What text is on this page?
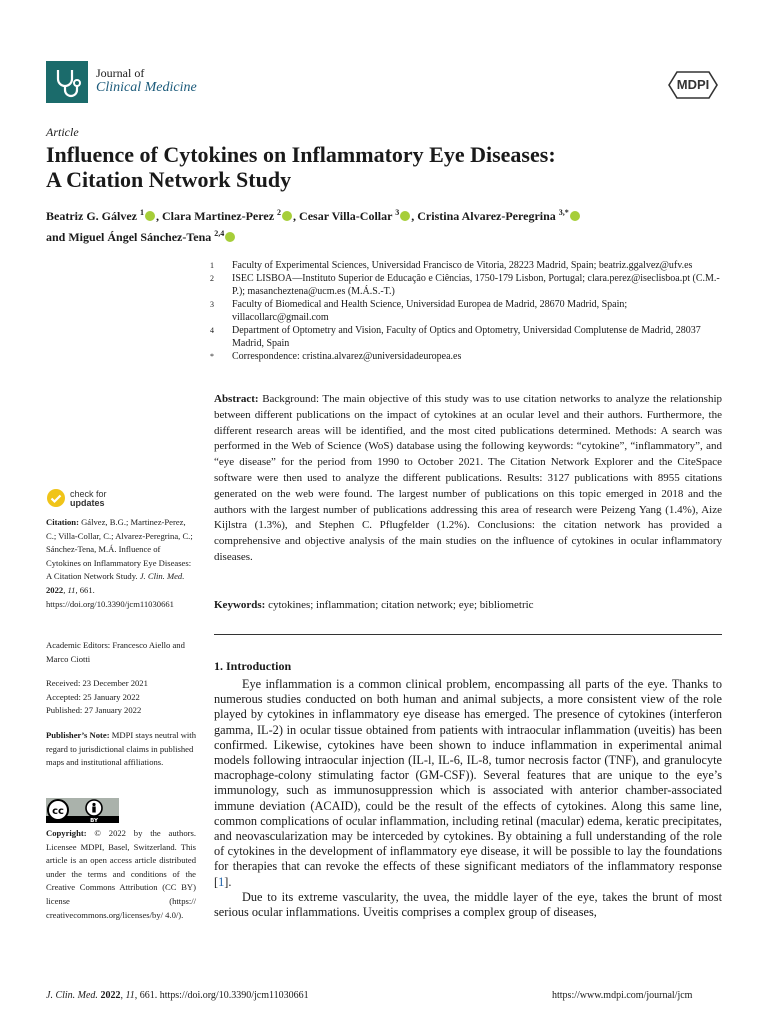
Journal of
Clinical Medicine	MDPI
Article
Influence of Cytokines on Inflammatory Eye Diseases:
A Citation Network Study
Beatriz G. Gálvez $^1$ , Clara Martinez-Perez $^2$ , Cesar Villa-Collar $^3$ , Cristina Alvarez-Peregrina $^{3,*}$
and Miguel Ángel Sánchez-Tena $^{2,4}$
1	Faculty of Experimental Sciences, Universidad Francisco de Vitoria, 28223 Madrid, Spain; beatriz.ggalvez@ufv.es
2	ISEC LISBOA—Instituto Superior de Educação e Ciências, 1750-179 Lisbon, Portugal; clara.perez@iseclisboa.pt (C.M.-P.); masancheztena@ucm.es (M.Á.S.-T.)
3	Faculty of Biomedical and Health Science, Universidad Europea de Madrid, 28670 Madrid, Spain; villacollarc@gmail.com
4	Department of Optometry and Vision, Faculty of Optics and Optometry, Universidad Complutense de Madrid, 28037 Madrid, Spain
*	Correspondence: cristina.alvarez@universidadeuropea.es
Abstract: Background: The main objective of this study was to use citation networks to analyze the relationship between different publications on the impact of cytokines at an ocular level and their authors. Furthermore, the different research areas will be identified, and the most cited publications determined. Methods: A search was performed in the Web of Science (WoS) database using the following keywords: “cytokine”, “inflammatory”, and “eye disease” for the period from 1990 to October 2021. The Citation Network Explorer and the CiteSpace software were then used to analyze the different publications. Results: 3127 publications with 8955 citations generated on the web were found. The largest number of publications on this topic emerged in 2018 and the authors with the largest number of publications addressing this area of research were Peizeng Yang (1.4%), Aize Kijlstra (1.3%), and Stephen C. Pflugfelder (1.2%). Conclusions: the citation network has provided a comprehensive and objective analysis of the main studies on the influence of cytokines in ocular inflammatory diseases.
Keywords: cytokines; inflammation; citation network; eye; bibliometric
1. Introduction

Eye inflammation is a common clinical problem, encompassing all parts of the eye. Thanks to numerous studies conducted on both human and animal subjects, a more consistent view of the role played by cytokines in inflammatory eye disease has emerged. The presence of cytokines (interferon gamma, IL-2) in ocular tissue obtained from patients with intraocular inflammation (uveitis) has been confirmed. Likewise, cytokines have been shown to induce inflammation in experimental animal models following intraocular injection (IL-l, IL-6, IL-8, tumor necrosis factor (TNF), and granulocyte macrophage-colony stimulating factor (GM-CSF)). Several features that are unique to the eye’s immunology, such as immunosuppression which is associated with anterior chamber-associated immune deviation (ACAID), could be the result of the effects of cytokines. Along this same line, common complications of ocular inflammation, including retinal (macular) edema, keratic precipitates, and neovascularization may be interceded by cytokines. By obtaining a full understanding of the role of cytokines in the development of inflammatory eye disease, it will be possible to lay the foundations for therapies that can revoke the effects of these significant mediators of the inflammatory response [1].

Due to its extreme vascularity, the uvea, the middle layer of the eye, takes the brunt of most serious ocular inflammations. Uveitis comprises a complex group of diseases,

check for
updates
Citation: Gálvez, B.G.; Martinez-Perez, C.; Villa-Collar, C.; Alvarez-Peregrina, C.; Sánchez-Tena, M.Á. Influence of Cytokines on Inflammatory Eye Diseases: A Citation Network Study. J. Clin. Med. 2022, 11, 661. https://doi.org/10.3390/jcm11030661
Academic Editors: Francesco Aiello and Marco Ciotti
Received: 23 December 2021
Accepted: 25 January 2022
Published: 27 January 2022
Publisher’s Note: MDPI stays neutral with regard to jurisdictional claims in published maps and institutional affiliations.
cc
BY
Copyright: © 2022 by the authors. Licensee MDPI, Basel, Switzerland. This article is an open access article distributed under the terms and conditions of the Creative Commons Attribution (CC BY) license (https:// creativecommons.org/licenses/by/ 4.0/).
J. Clin. Med. 2022, 11, 661. https://doi.org/10.3390/jcm11030661	https://www.mdpi.com/journal/jcm
